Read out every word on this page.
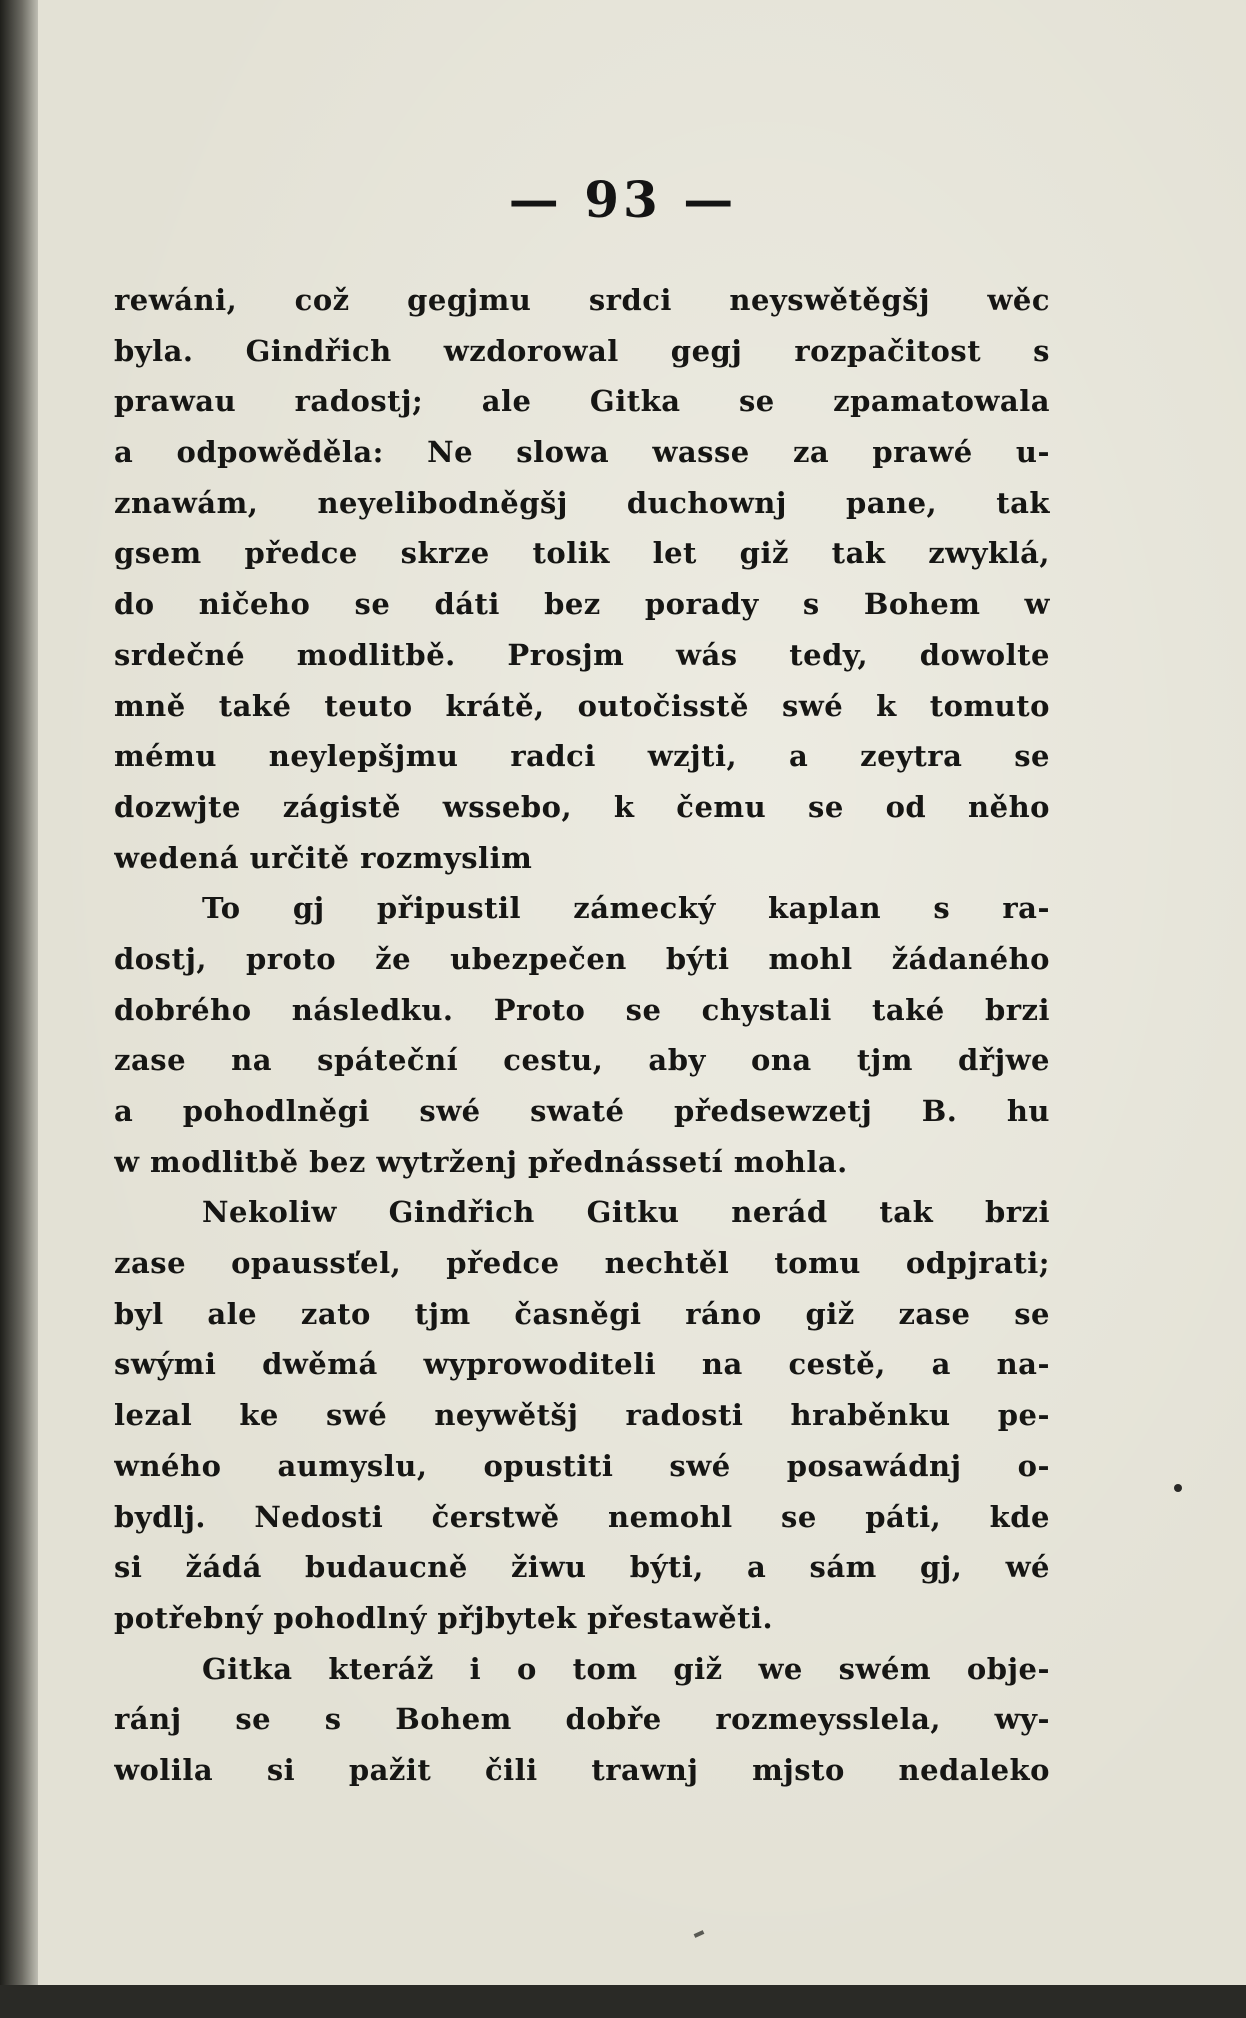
— 93 —
rewáni, což gegjmu srdci neyswětěgšj wěc
byla. Gindřich wzdorowal gegj rozpačitost s
prawau radostj; ale Gitka se zpamatowala
a odpowěděla: Ne slowa wasse za prawé u-
znawám, neyelibodněgšj duchownj pane, tak
gsem předce skrze tolik let giž tak zwyklá,
do ničeho se dáti bez porady s Bohem w
srdečné modlitbě. Prosjm wás tedy, dowolte
mně také teuto krátě, outočisstě swé k tomuto
mému neylepšjmu radci wzjti, a zeytra se
dozwjte zágistě wssebo, k čemu se od něho
wedená určitě rozmyslim
To gj připustil zámecký kaplan s ra-
dostj, proto že ubezpečen býti mohl žádaného
dobrého následku. Proto se chystali také brzi
zase na spáteční cestu, aby ona tjm dřjwe
a pohodlněgi swé swaté předsewzetj B. hu
w modlitbě bez wytrženj přednássetí mohla.
Nekoliw Gindřich Gitku nerád tak brzi
zase opaussťel, předce nechtěl tomu odpjrati;
byl ale zato tjm časněgi ráno giž zase se
swými dwěmá wyprowoditeli na cestě, a na-
lezal ke swé neywětšj radosti hraběnku pe-
wného aumyslu, opustiti swé posawádnj o-
bydlj. Nedosti čerstwě nemohl se páti, kde
si žádá budaucně žiwu býti, a sám gj, wé
potřebný pohodlný přjbytek přestawěti.
Gitka kteráž i o tom giž we swém obje-
ránj se s Bohem dobře rozmeysslela, wy-
wolila si pažit čili trawnj mjsto nedaleko
